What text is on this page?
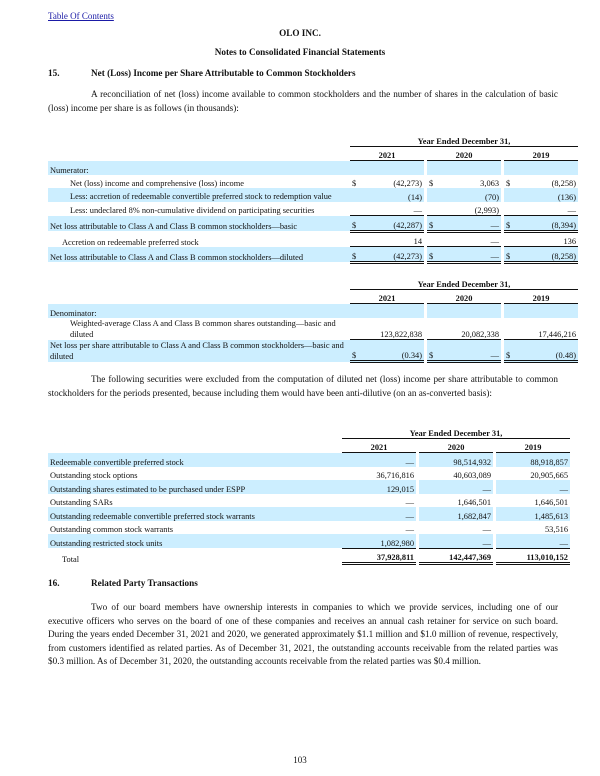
Table Of Contents
OLO INC.
Notes to Consolidated Financial Statements
15.	Net (Loss) Income per Share Attributable to Common Stockholders
A reconciliation of net (loss) income available to common stockholders and the number of shares in the calculation of basic (loss) income per share is as follows (in thousands):
	Year Ended December 31,							
	2021			2020			2019	
Numerator:								
Net (loss) income and comprehensive (loss) income	$	(42,273)		$	3,063		$	(8,258)
Less: accretion of redeemable convertible preferred stock to redemption value		(14)			(70)			(136)
Less: undeclared 8% non-cumulative dividend on participating securities		—			(2,993)			—
Net loss attributable to Class A and Class B common stockholders—basic	$	(42,287)		$	—		$	(8,394)
Accretion on redeemable preferred stock		14			—			136
Net loss attributable to Class A and Class B common stockholders—diluted	$	(42,273)		$	—		$	(8,258)
	Year Ended December 31,							
	2021			2020			2019	
Denominator:								
Weighted-average Class A and Class B common shares outstanding—basic and diluted		123,822,838			20,082,338			17,446,216
Net loss per share attributable to Class A and Class B common stockholders—basic and diluted	$	(0.34)		$	—		$	(0.48)
The following securities were excluded from the computation of diluted net (loss) income per share attributable to common stockholders for the periods presented, because including them would have been anti-dilutive (on an as-converted basis):
	Year Ended December 31,							
	2021			2020			2019	
Redeemable convertible preferred stock		—			98,514,932			88,918,857
Outstanding stock options		36,716,816			40,603,089			20,905,665
Outstanding shares estimated to be purchased under ESPP		129,015			—			—
Outstanding SARs		—			1,646,501			1,646,501
Outstanding redeemable convertible preferred stock warrants		—			1,682,847			1,485,613
Outstanding common stock warrants		—			—			53,516
Outstanding restricted stock units		1,082,980			—			—
Total		37,928,811			142,447,369			113,010,152
16.	Related Party Transactions
Two of our board members have ownership interests in companies to which we provide services, including one of our executive officers who serves on the board of one of these companies and receives an annual cash retainer for service on such board. During the years ended December 31, 2021 and 2020, we generated approximately $1.1 million and $1.0 million of revenue, respectively, from customers identified as related parties. As of December 31, 2021, the outstanding accounts receivable from the related parties was $0.3 million. As of December 31, 2020, the outstanding accounts receivable from the related parties was $0.4 million.
103
